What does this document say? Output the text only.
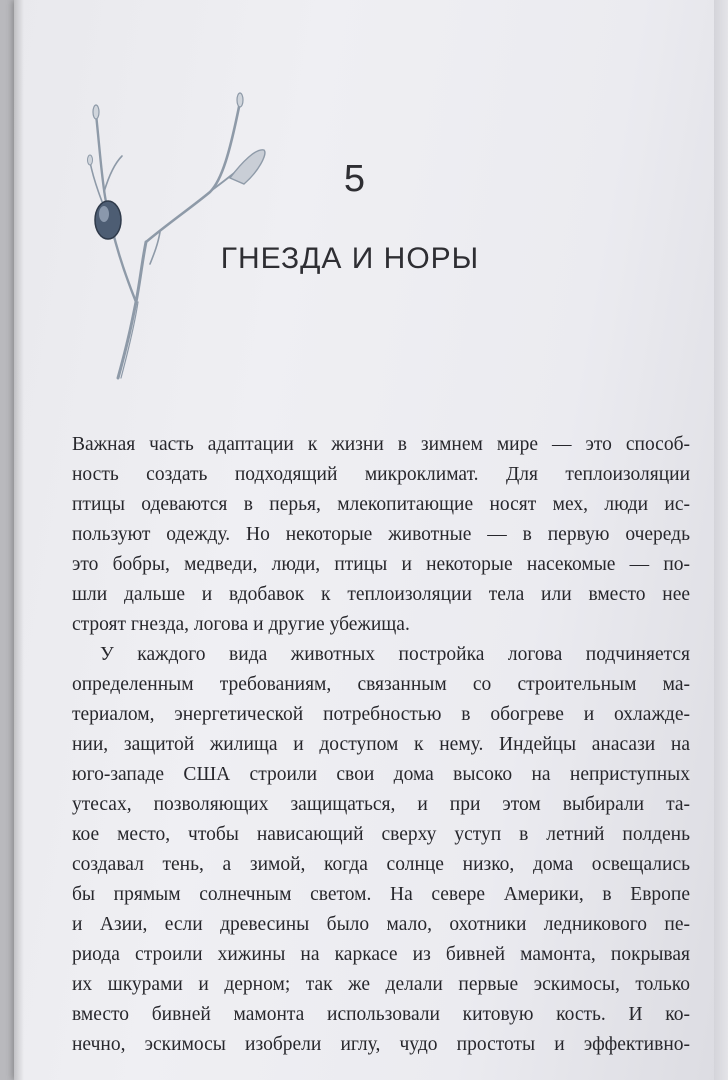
5
ГНЕЗДА И НОРЫ
Важная часть адаптации к жизни в зимнем мире — это способ-
ность создать подходящий микроклимат. Для теплоизоляции
птицы одеваются в перья, млекопитающие носят мех, люди ис-
пользуют одежду. Но некоторые животные — в первую очередь
это бобры, медведи, люди, птицы и некоторые насекомые — по-
шли дальше и вдобавок к теплоизоляции тела или вместо нее
строят гнезда, логова и другие убежища.
У каждого вида животных постройка логова подчиняется
определенным требованиям, связанным со строительным ма-
териалом, энергетической потребностью в обогреве и охлажде-
нии, защитой жилища и доступом к нему. Индейцы анасази на
юго-западе США строили свои дома высоко на неприступных
утесах, позволяющих защищаться, и при этом выбирали та-
кое место, чтобы нависающий сверху уступ в летний полдень
создавал тень, а зимой, когда солнце низко, дома освещались
бы прямым солнечным светом. На севере Америки, в Европе
и Азии, если древесины было мало, охотники ледникового пе-
риода строили хижины на каркасе из бивней мамонта, покрывая
их шкурами и дерном; так же делали первые эскимосы, только
вместо бивней мамонта использовали китовую кость. И ко-
нечно, эскимосы изобрели иглу, чудо простоты и эффективно-
